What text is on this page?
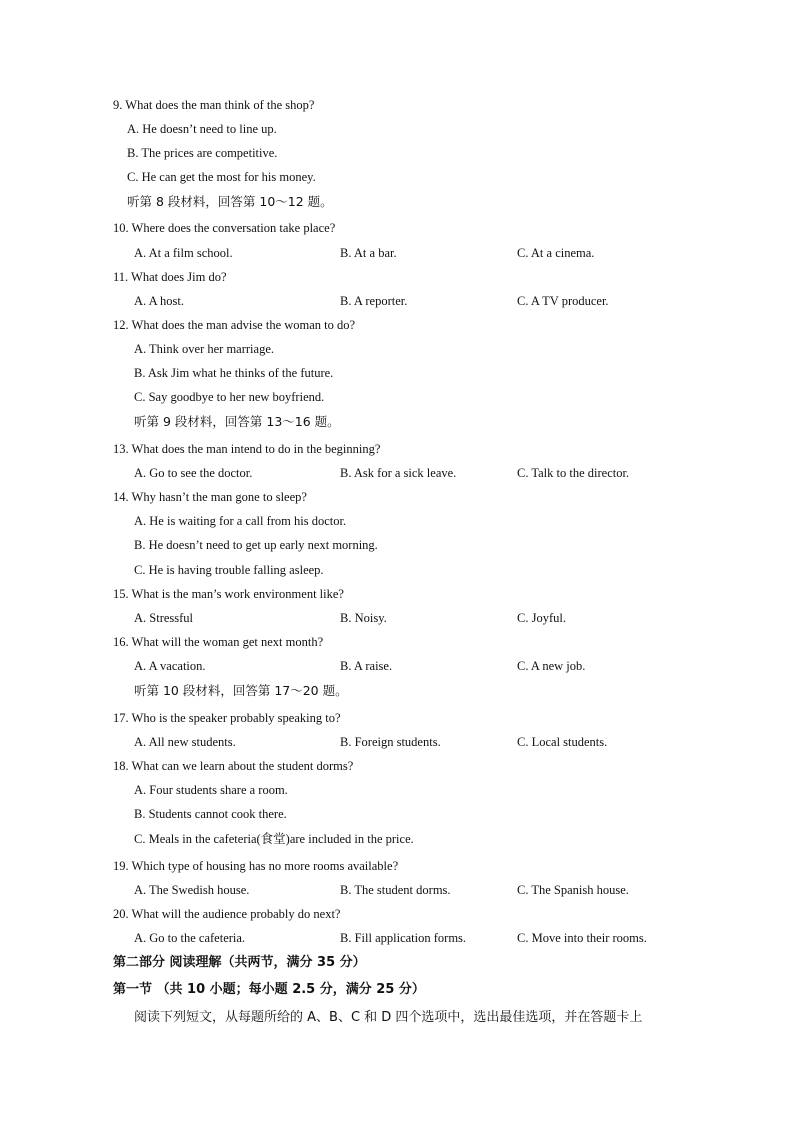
9. What does the man think of the shop?
A. He doesn’t need to line up.
B. The prices are competitive.
C. He can get the most for his money.
听第 8 段材料，回答第 10～12 题。
10. Where does the conversation take place?
A. At a film school.	B. At a bar.	C. At a cinema.
11. What does Jim do?
A. A host.	B. A reporter.	C. A TV producer.
12. What does the man advise the woman to do?
A. Think over her marriage.
B. Ask Jim what he thinks of the future.
C. Say goodbye to her new boyfriend.
听第 9 段材料，回答第 13～16 题。
13. What does the man intend to do in the beginning?
A. Go to see the doctor.	B. Ask for a sick leave.	C. Talk to the director.
14. Why hasn’t the man gone to sleep?
A. He is waiting for a call from his doctor.
B. He doesn’t need to get up early next morning.
C. He is having trouble falling asleep.
15. What is the man’s work environment like?
A. Stressful	B. Noisy.	C. Joyful.
16. What will the woman get next month?
A. A vacation.	B. A raise.	C. A new job.
听第 10 段材料，回答第 17～20 题。
17. Who is the speaker probably speaking to?
A. All new students.	B. Foreign students.	C. Local students.
18. What can we learn about the student dorms?
A. Four students share a room.
B. Students cannot cook there.
C. Meals in the cafeteria(食堂)are included in the price.
19. Which type of housing has no more rooms available?
A. The Swedish house.	B. The student dorms.	C. The Spanish house.
20. What will the audience probably do next?
A. Go to the cafeteria.	B. Fill application forms.	C. Move into their rooms.
第二部分 阅读理解（共两节，满分 35 分）
第一节 （共 10 小题；每小题 2.5 分，满分 25 分）
阅读下列短文，从每题所给的 A、B、C 和 D 四个选项中，选出最佳选项，并在答题卡上
